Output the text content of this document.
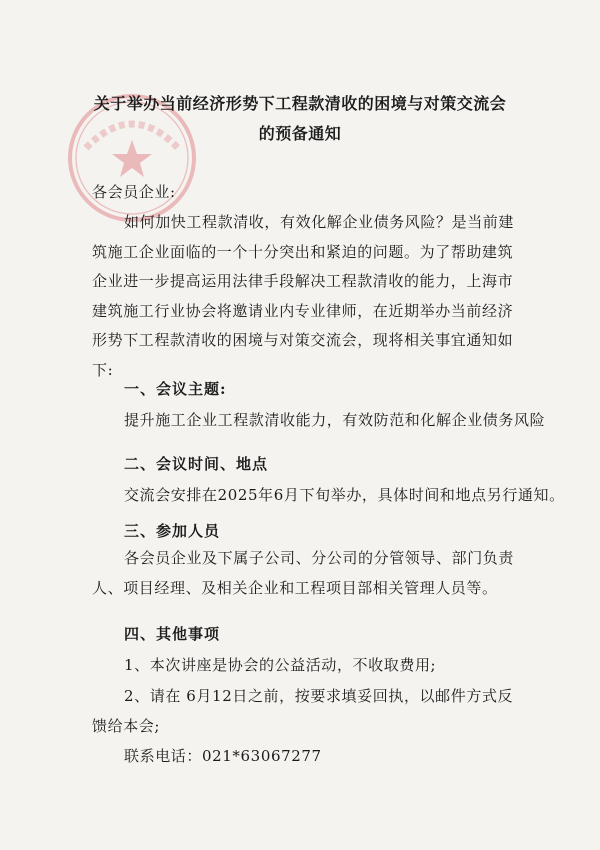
关于举办当前经济形势下工程款清收的困境与对策交流会
的预备通知
各会员企业:
如何加快工程款清收，有效化解企业债务风险？是当前建筑施工企业面临的一个十分突出和紧迫的问题。为了帮助建筑企业进一步提高运用法律手段解决工程款清收的能力，上海市建筑施工行业协会将邀请业内专业律师，在近期举办当前经济形势下工程款清收的困境与对策交流会，现将相关事宜通知如下:
一、会议主题:
提升施工企业工程款清收能力，有效防范和化解企业债务风险
二、会议时间、地点
交流会安排在2025年6月下旬举办，具体时间和地点另行通知。
三、参加人员
各会员企业及下属子公司、分公司的分管领导、部门负责人、项目经理、及相关企业和工程项目部相关管理人员等。
四、其他事项
1、本次讲座是协会的公益活动，不收取费用;
2、请在 6月12日之前，按要求填妥回执，以邮件方式反馈给本会;
联系电话：021*63067277
